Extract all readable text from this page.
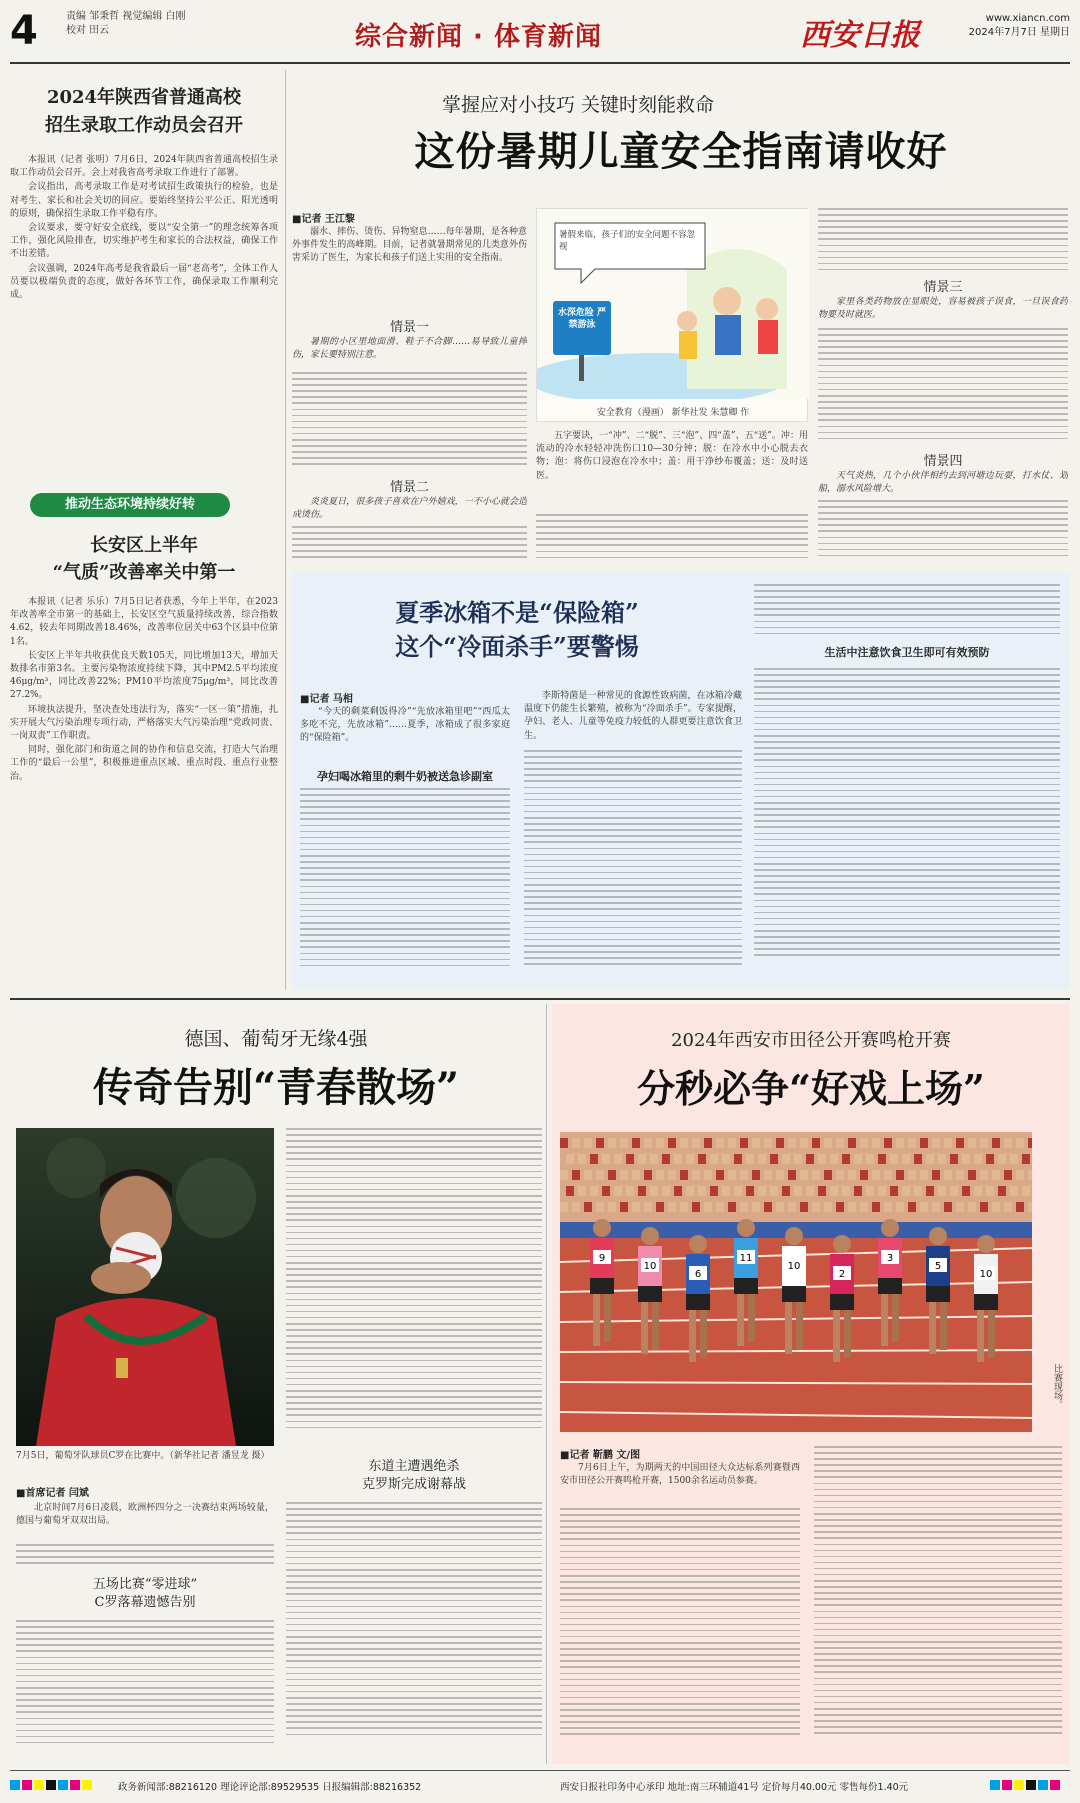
4	责编 邹秉哲 视觉编辑 白刚
校对 田云	综合新闻 · 体育新闻	西安日报	www.xiancn.com
2024年7月7日 星期日
2024年陕西省普通高校
招生录取工作动员会召开

本报讯（记者 张明）7月6日，2024年陕西省普通高校招生录取工作动员会召开。会上对我省高考录取工作进行了部署。

会议指出，高考录取工作是对考试招生政策执行的检验，也是对考生、家长和社会关切的回应。要始终坚持公平公正、阳光透明的原则，确保招生录取工作平稳有序。

会议要求，要守好安全底线，要以“安全第一”的理念统筹各项工作，强化风险排查，切实维护考生和家长的合法权益，确保工作不出差错。

会议强调，2024年高考是我省最后一届“老高考”，全体工作人员要以极端负责的态度，做好各环节工作，确保录取工作顺利完成。

推动生态环境持续好转
长安区上半年
“气质”改善率关中第一

本报讯（记者 乐乐）7月5日记者获悉，今年上半年，在2023年改善率全市第一的基础上，长安区空气质量持续改善，综合指数4.62，较去年同期改善18.46%，改善率位居关中63个区县中位第1名。

长安区上半年共收获优良天数105天，同比增加13天，增加天数排名市第3名。主要污染物浓度持续下降，其中PM2.5平均浓度46μg/m³，同比改善22%；PM10平均浓度75μg/m³，同比改善27.2%。

环境执法提升，坚决查处违法行为，落实“一区一策”措施，扎实开展大气污染治理专项行动，严格落实大气污染治理“党政同责、一岗双责”工作职责。

同时，强化部门和街道之间的协作和信息交流，打造大气治理工作的“最后一公里”，积极推进重点区域、重点时段、重点行业整治。

掌握应对小技巧 关键时刻能救命
这份暑期儿童安全指南请收好
■记者 王江黎

溺水、摔伤、烫伤、异物窒息……每年暑期，是各种意外事件发生的高峰期。目前，记者就暑期常见的几类意外伤害采访了医生，为家长和孩子们送上实用的安全指南。

情景一

暑期的小区里地面滑、鞋子不合脚……易导致儿童摔伤，家长要特别注意。

情景二

炎炎夏日，很多孩子喜欢在户外嬉戏，一不小心就会造成烫伤。

暑假来临，孩子们的安全问题不容忽视
水深危险 严禁游泳
安全教育（漫画） 新华社发 朱慧卿 作

五字要诀，一“冲”、二“脱”、三“泡”、四“盖”、五“送”。冲：用流动的冷水轻轻冲洗伤口10—30分钟；脱：在冷水中小心脱去衣物；泡：将伤口浸泡在冷水中；盖：用干净纱布覆盖；送：及时送医。

情景三

家里各类药物放在显眼处，容易被孩子误食，一旦误食药物要及时就医。

情景四

天气炎热，几个小伙伴相约去到河塘边玩耍，打水仗、划船，溺水风险增大。

夏季冰箱不是“保险箱”
这个“冷面杀手”要警惕	生活中注意饮食卫生即可有效预防
■记者 马相

“今天的剩菜剩饭得冷”“先放冰箱里吧”“西瓜太多吃不完，先放冰箱”……夏季，冰箱成了很多家庭的“保险箱”。

孕妇喝冰箱里的剩牛奶被送急诊副室

李斯特菌是一种常见的食源性致病菌，在冰箱冷藏温度下仍能生长繁殖，被称为“冷面杀手”。专家提醒，孕妇、老人、儿童等免疫力较低的人群更要注意饮食卫生。

德国、葡萄牙无缘4强
传奇告别“青春散场”
7月5日，葡萄牙队球员C罗在比赛中。（新华社记者 潘昱龙 摄）
■首席记者 闫斌

北京时间7月6日凌晨，欧洲杯四分之一决赛结束两场较量，德国与葡萄牙双双出局。

五场比赛“零进球”
C罗落幕遗憾告别
东道主遭遇绝杀
克罗斯完成谢幕战
2024年西安市田径公开赛鸣枪开赛
分秒必争“好戏上场”
9
10
6
11
10
2
3
5
10
比赛现场。
■记者 靳鹏 文/图

7月6日上午，为期两天的中国田径大众达标系列赛暨西安市田径公开赛鸣枪开赛，1500余名运动员参赛。

政务新闻部:88216120 理论评论部:89529535 日报编辑部:88216352	西安日报社印务中心承印 地址:南三环辅道41号 定价每月40.00元 零售每份1.40元
